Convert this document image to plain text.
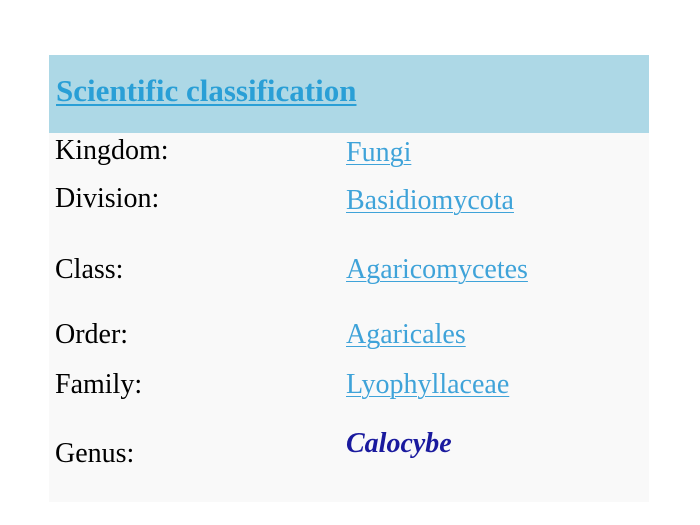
Scientific classification
Kingdom:	Fungi
Division:	Basidiomycota
Class:	Agaricomycetes
Order:	Agaricales
Family:	Lyophyllaceae
Genus:	Calocybe
